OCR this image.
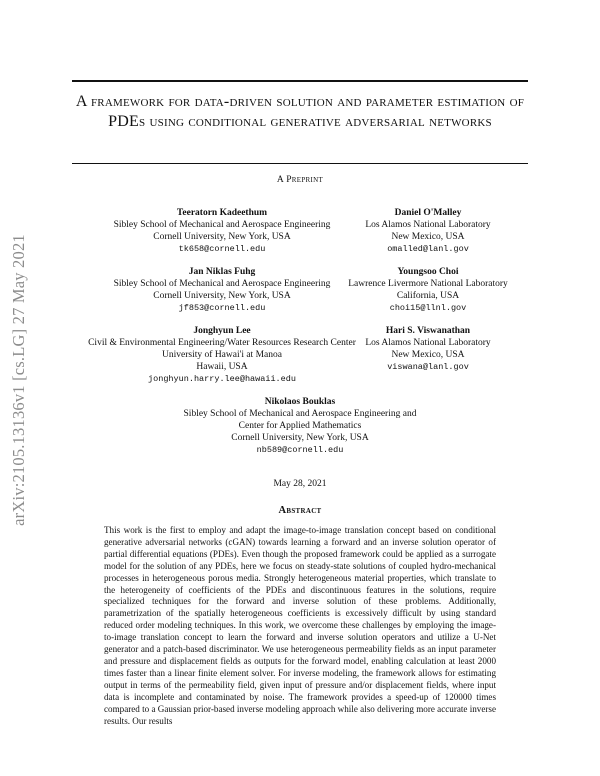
arXiv:2105.13136v1 [cs.LG] 27 May 2021
A framework for data-driven solution and parameter estimation of PDEs using conditional generative adversarial networks
A Preprint
Teeratorn Kadeethum
Sibley School of Mechanical and Aerospace Engineering
Cornell University, New York, USA
tk658@cornell.edu
Daniel O'Malley
Los Alamos National Laboratory
New Mexico, USA
omalled@lanl.gov
Jan Niklas Fuhg
Sibley School of Mechanical and Aerospace Engineering
Cornell University, New York, USA
jf853@cornell.edu
Youngsoo Choi
Lawrence Livermore National Laboratory
California, USA
choi15@llnl.gov
Jonghyun Lee
Civil & Environmental Engineering/Water Resources Research Center
University of Hawai'i at Manoa
Hawaii, USA
jonghyun.harry.lee@hawaii.edu
Hari S. Viswanathan
Los Alamos National Laboratory
New Mexico, USA
viswana@lanl.gov
Nikolaos Bouklas
Sibley School of Mechanical and Aerospace Engineering and
Center for Applied Mathematics
Cornell University, New York, USA
nb589@cornell.edu
May 28, 2021
Abstract
This work is the first to employ and adapt the image-to-image translation concept based on conditional generative adversarial networks (cGAN) towards learning a forward and an inverse solution operator of partial differential equations (PDEs). Even though the proposed framework could be applied as a surrogate model for the solution of any PDEs, here we focus on steady-state solutions of coupled hydro-mechanical processes in heterogeneous porous media. Strongly heterogeneous material properties, which translate to the heterogeneity of coefficients of the PDEs and discontinuous features in the solutions, require specialized techniques for the forward and inverse solution of these problems. Additionally, parametrization of the spatially heterogeneous coefficients is excessively difficult by using standard reduced order modeling techniques. In this work, we overcome these challenges by employing the image-to-image translation concept to learn the forward and inverse solution operators and utilize a U-Net generator and a patch-based discriminator. We use heterogeneous permeability fields as an input parameter and pressure and displacement fields as outputs for the forward model, enabling calculation at least 2000 times faster than a linear finite element solver. For inverse modeling, the framework allows for estimating output in terms of the permeability field, given input of pressure and/or displacement fields, where input data is incomplete and contaminated by noise. The framework provides a speed-up of 120000 times compared to a Gaussian prior-based inverse modeling approach while also delivering more accurate inverse results. Our results
